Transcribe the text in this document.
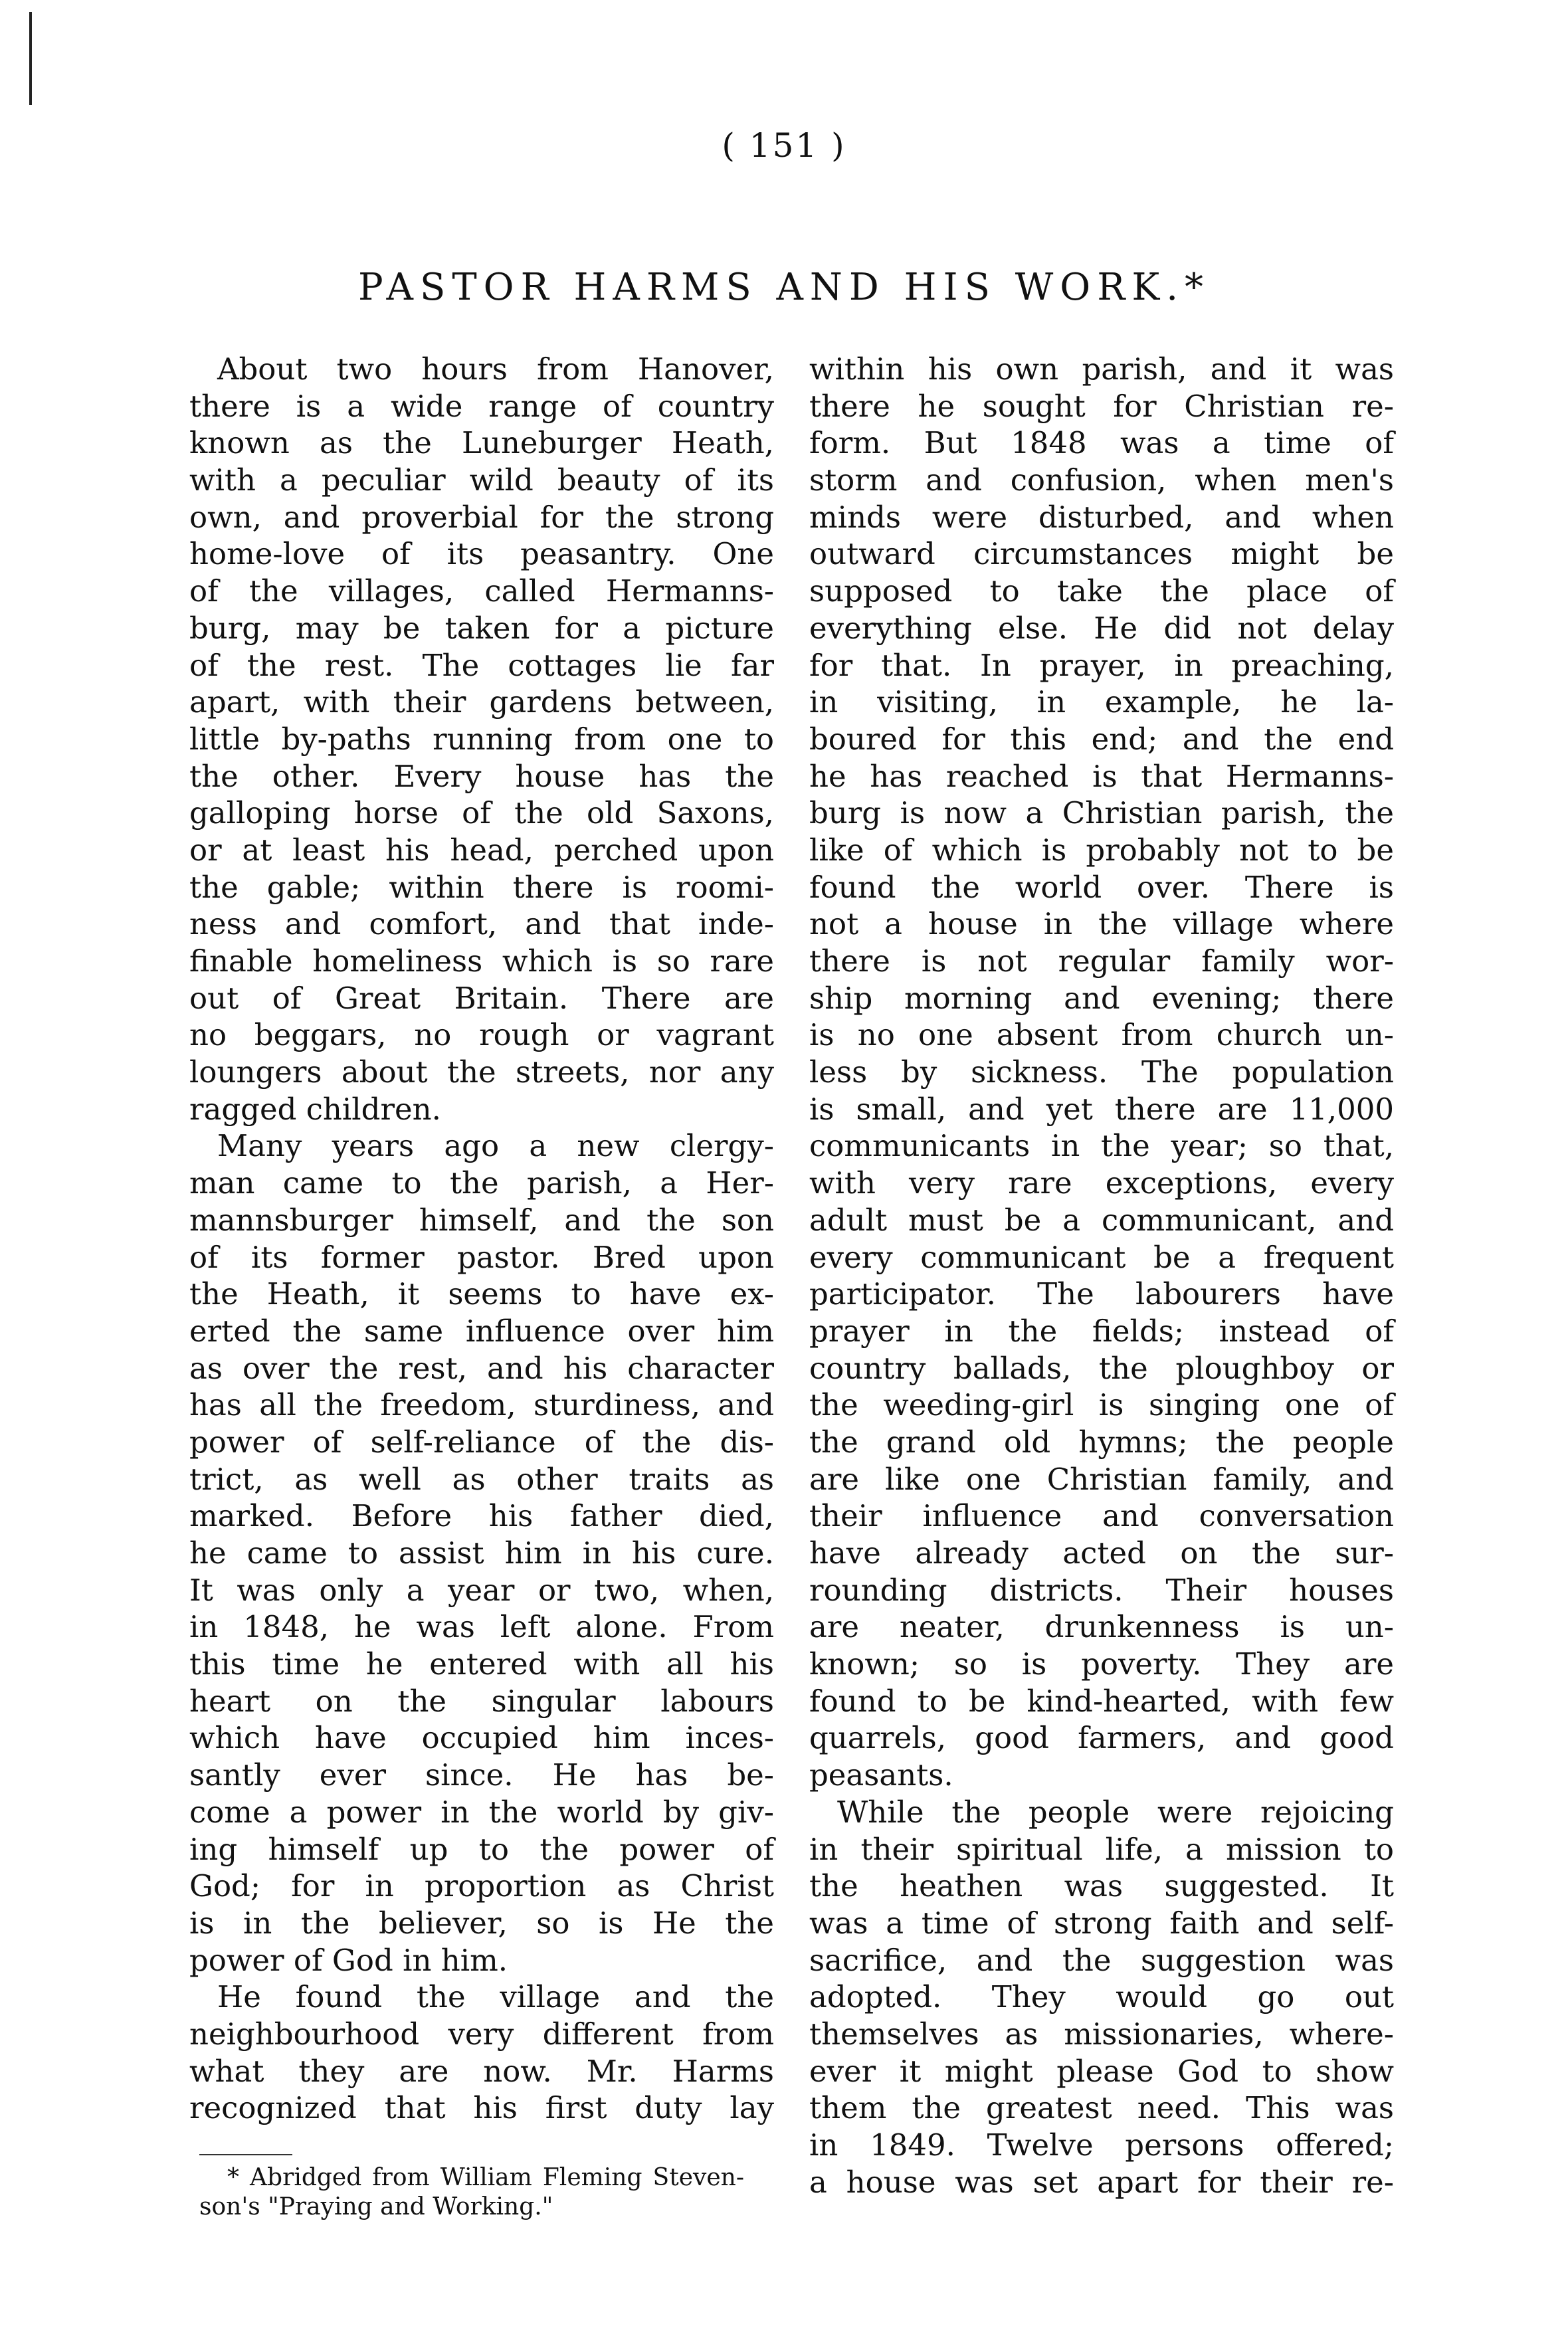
( 151 )
PASTOR HARMS AND HIS WORK.*
About two hours from Hanover,
there is a wide range of country
known as the Luneburger Heath,
with a peculiar wild beauty of its
own, and proverbial for the strong
home-love of its peasantry. One
of the villages, called Hermanns-
burg, may be taken for a picture
of the rest. The cottages lie far
apart, with their gardens between,
little by-paths running from one to
the other. Every house has the
galloping horse of the old Saxons,
or at least his head, perched upon
the gable; within there is roomi-
ness and comfort, and that inde-
finable homeliness which is so rare
out of Great Britain. There are
no beggars, no rough or vagrant
loungers about the streets, nor any
ragged children.
Many years ago a new clergy-
man came to the parish, a Her-
mannsburger himself, and the son
of its former pastor. Bred upon
the Heath, it seems to have ex-
erted the same influence over him
as over the rest, and his character
has all the freedom, sturdiness, and
power of self-reliance of the dis-
trict, as well as other traits as
marked. Before his father died,
he came to assist him in his cure.
It was only a year or two, when,
in 1848, he was left alone. From
this time he entered with all his
heart on the singular labours
which have occupied him inces-
santly ever since. He has be-
come a power in the world by giv-
ing himself up to the power of
God; for in proportion as Christ
is in the believer, so is He the
power of God in him.
He found the village and the
neighbourhood very different from
what they are now. Mr. Harms
recognized that his first duty lay
within his own parish, and it was
there he sought for Christian re-
form. But 1848 was a time of
storm and confusion, when men's
minds were disturbed, and when
outward circumstances might be
supposed to take the place of
everything else. He did not delay
for that. In prayer, in preaching,
in visiting, in example, he la-
boured for this end; and the end
he has reached is that Hermanns-
burg is now a Christian parish, the
like of which is probably not to be
found the world over. There is
not a house in the village where
there is not regular family wor-
ship morning and evening; there
is no one absent from church un-
less by sickness. The population
is small, and yet there are 11,000
communicants in the year; so that,
with very rare exceptions, every
adult must be a communicant, and
every communicant be a frequent
participator. The labourers have
prayer in the fields; instead of
country ballads, the ploughboy or
the weeding-girl is singing one of
the grand old hymns; the people
are like one Christian family, and
their influence and conversation
have already acted on the sur-
rounding districts. Their houses
are neater, drunkenness is un-
known; so is poverty. They are
found to be kind-hearted, with few
quarrels, good farmers, and good
peasants.
While the people were rejoicing
in their spiritual life, a mission to
the heathen was suggested. It
was a time of strong faith and self-
sacrifice, and the suggestion was
adopted. They would go out
themselves as missionaries, where-
ever it might please God to show
them the greatest need. This was
in 1849. Twelve persons offered;
a house was set apart for their re-
* Abridged from William Fleming Steven-
son's "Praying and Working."
